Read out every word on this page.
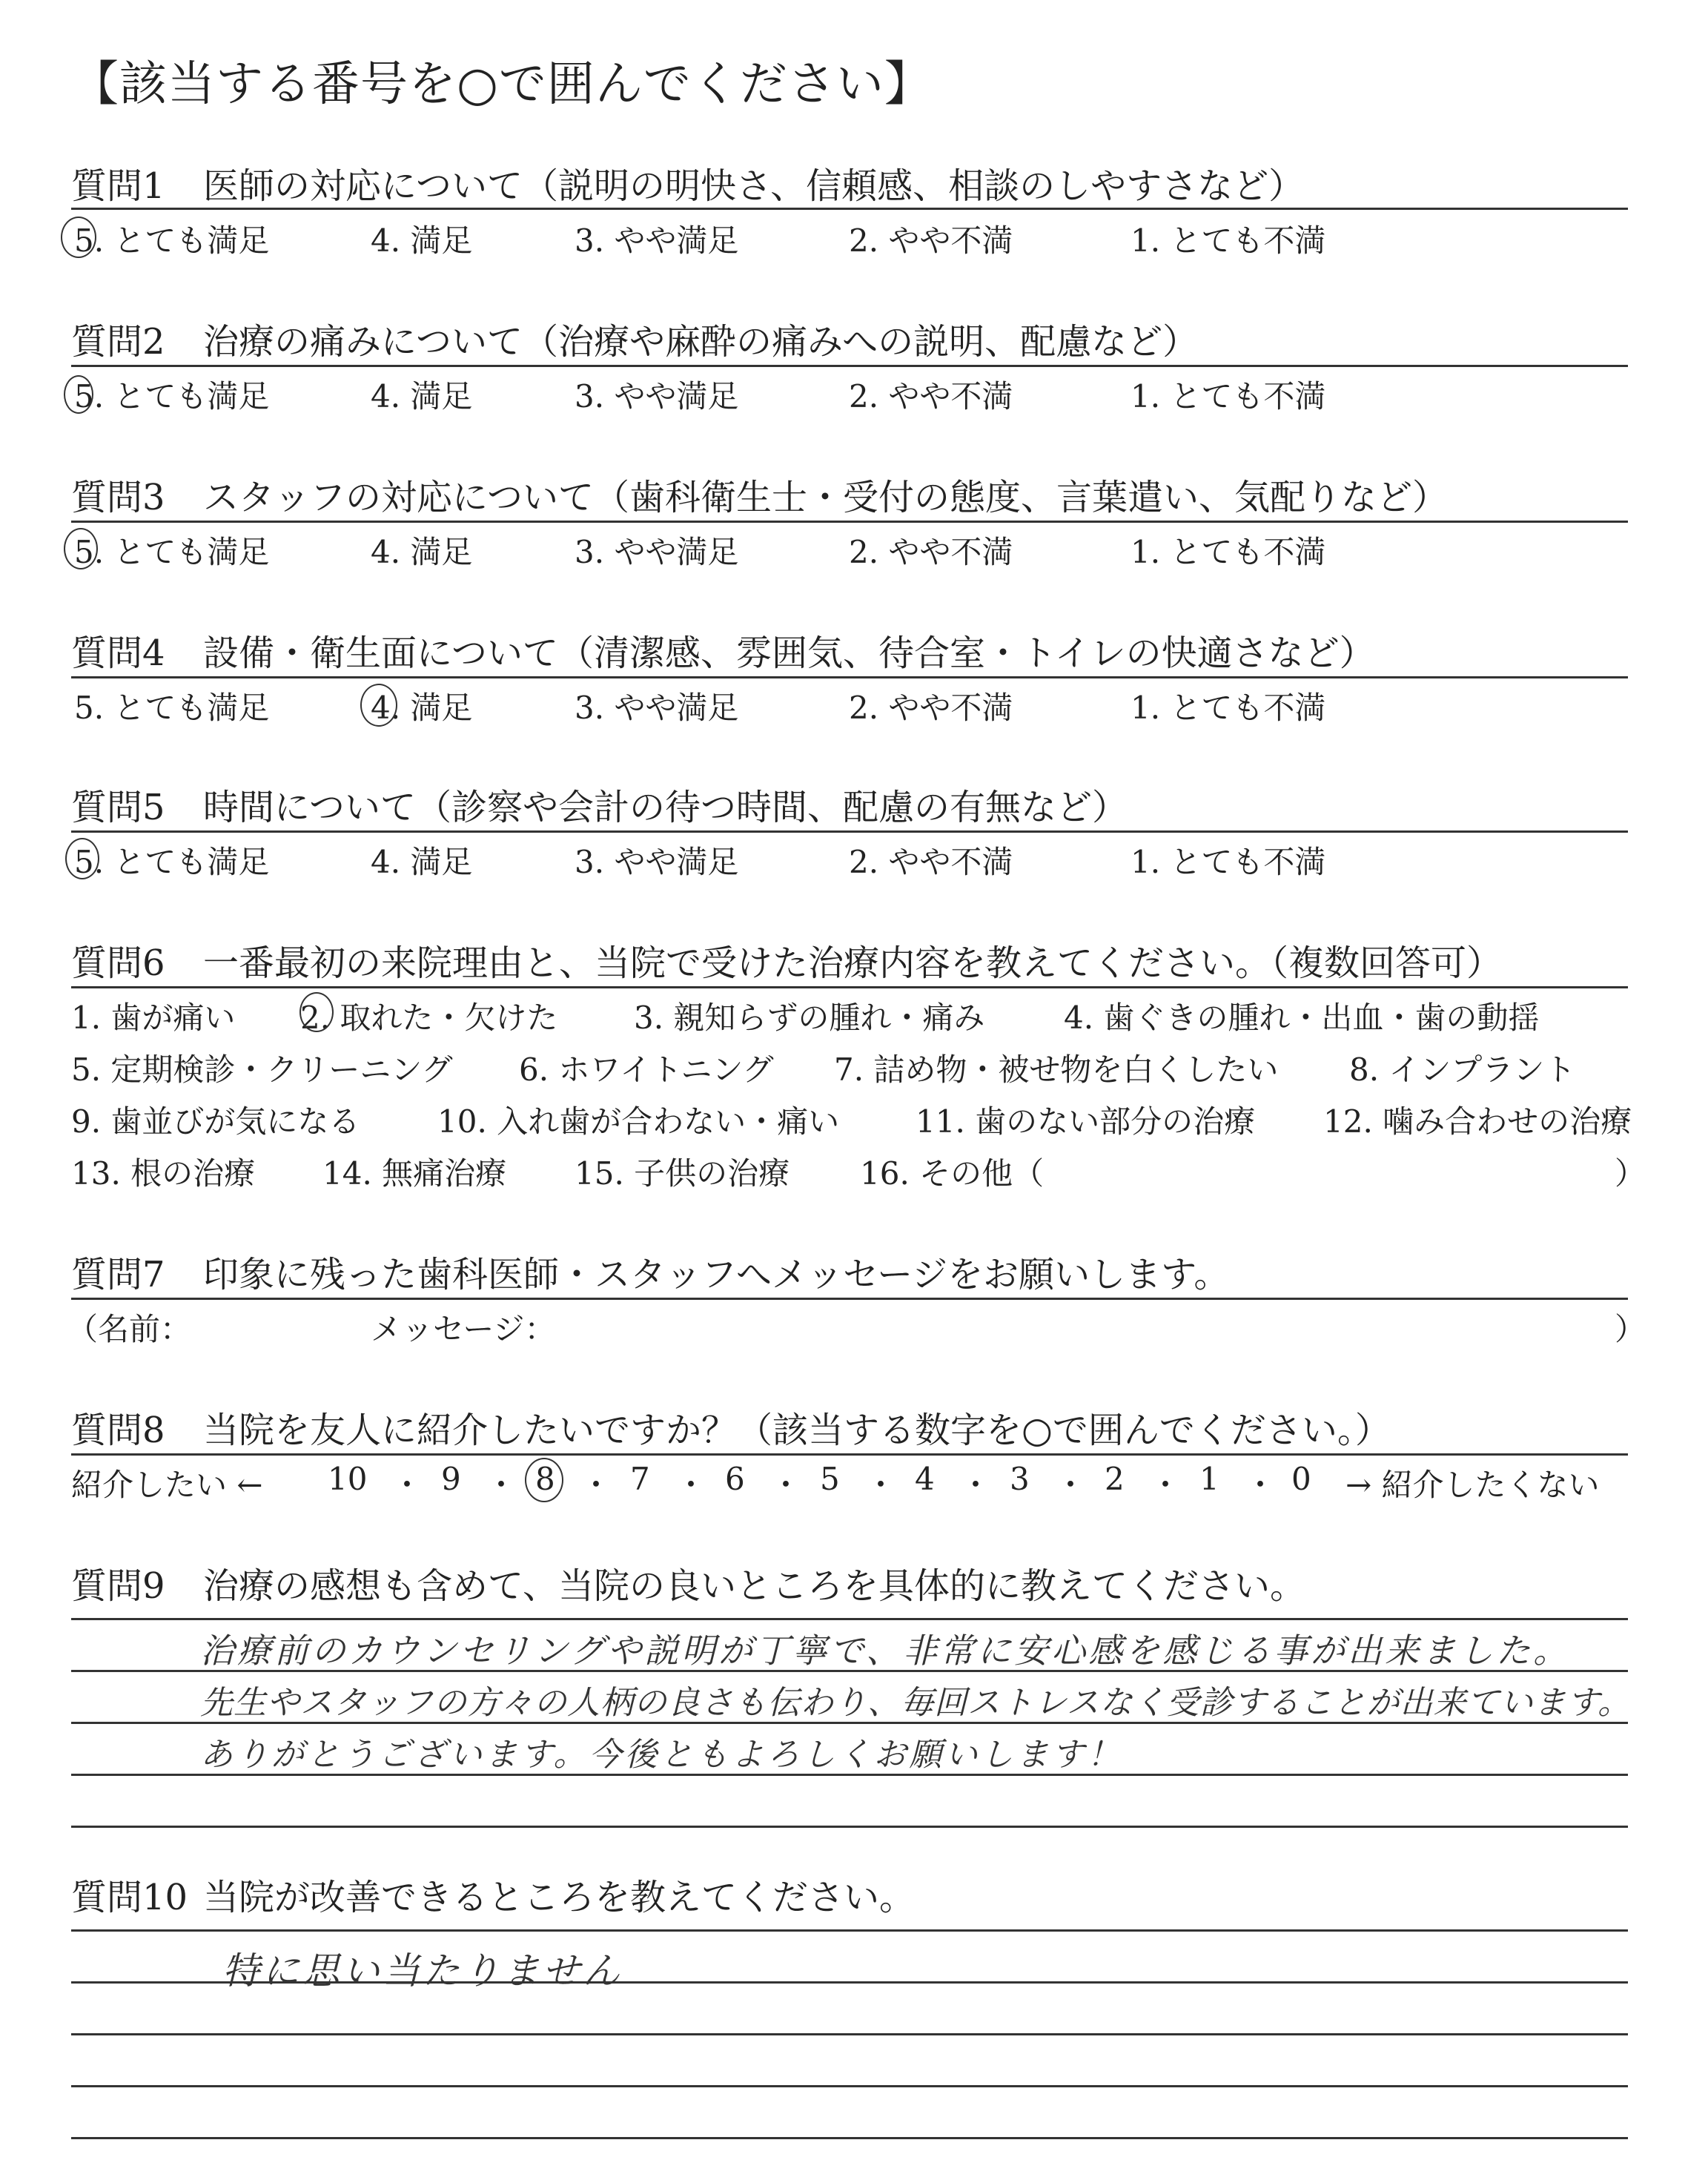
【該当する番号を○で囲んでください】
質問1 医師の対応について（説明の明快さ、信頼感、相談のしやすさなど）
5. とても満足	4. 満足	3. やや満足	2. やや不満	1. とても不満
質問2 治療の痛みについて（治療や麻酔の痛みへの説明、配慮など）
5. とても満足	4. 満足	3. やや満足	2. やや不満	1. とても不満
質問3 スタッフの対応について（歯科衛生士・受付の態度、言葉遣い、気配りなど）
5. とても満足	4. 満足	3. やや満足	2. やや不満	1. とても不満
質問4 設備・衛生面について（清潔感、雰囲気、待合室・トイレの快適さなど）
5. とても満足	4. 満足	3. やや満足	2. やや不満	1. とても不満
質問5 時間について（診察や会計の待つ時間、配慮の有無など）
5. とても満足	4. 満足	3. やや満足	2. やや不満	1. とても不満
質問6 一番最初の来院理由と、当院で受けた治療内容を教えてください。（複数回答可）
1. 歯が痛い 2. 取れた・欠けた 3. 親知らずの腫れ・痛み	4. 歯ぐきの腫れ・出血・歯の動揺
5. 定期検診・クリーニング 6. ホワイトニング 7. 詰め物・被せ物を白くしたい 8. インプラント
9. 歯並びが気になる 10. 入れ歯が合わない・痛い 11. 歯のない部分の治療 12. 噛み合わせの治療
13. 根の治療 14. 無痛治療 15. 子供の治療 16. その他（	）
質問7 印象に残った歯科医師・スタッフへメッセージをお願いします。
（名前：	メッセージ：	）
質問8 当院を友人に紹介したいですか？（該当する数字を○で囲んでください。）
紹介したい ← 10 ・ 9 ・ 8 ・ 7 ・ 6 ・ 5 ・ 4 ・ 3 ・ 2 ・ 1 ・ 0 → 紹介したくない
質問9 治療の感想も含めて、当院の良いところを具体的に教えてください。
治療前のカウンセリングや説明が丁寧で、非常に安心感を感じる事が出来ました。
先生やスタッフの方々の人柄の良さも伝わり、毎回ストレスなく受診することが出来ています。
ありがとうございます。今後ともよろしくお願いします！
質問10 当院が改善できるところを教えてください。
特に思い当たりません
